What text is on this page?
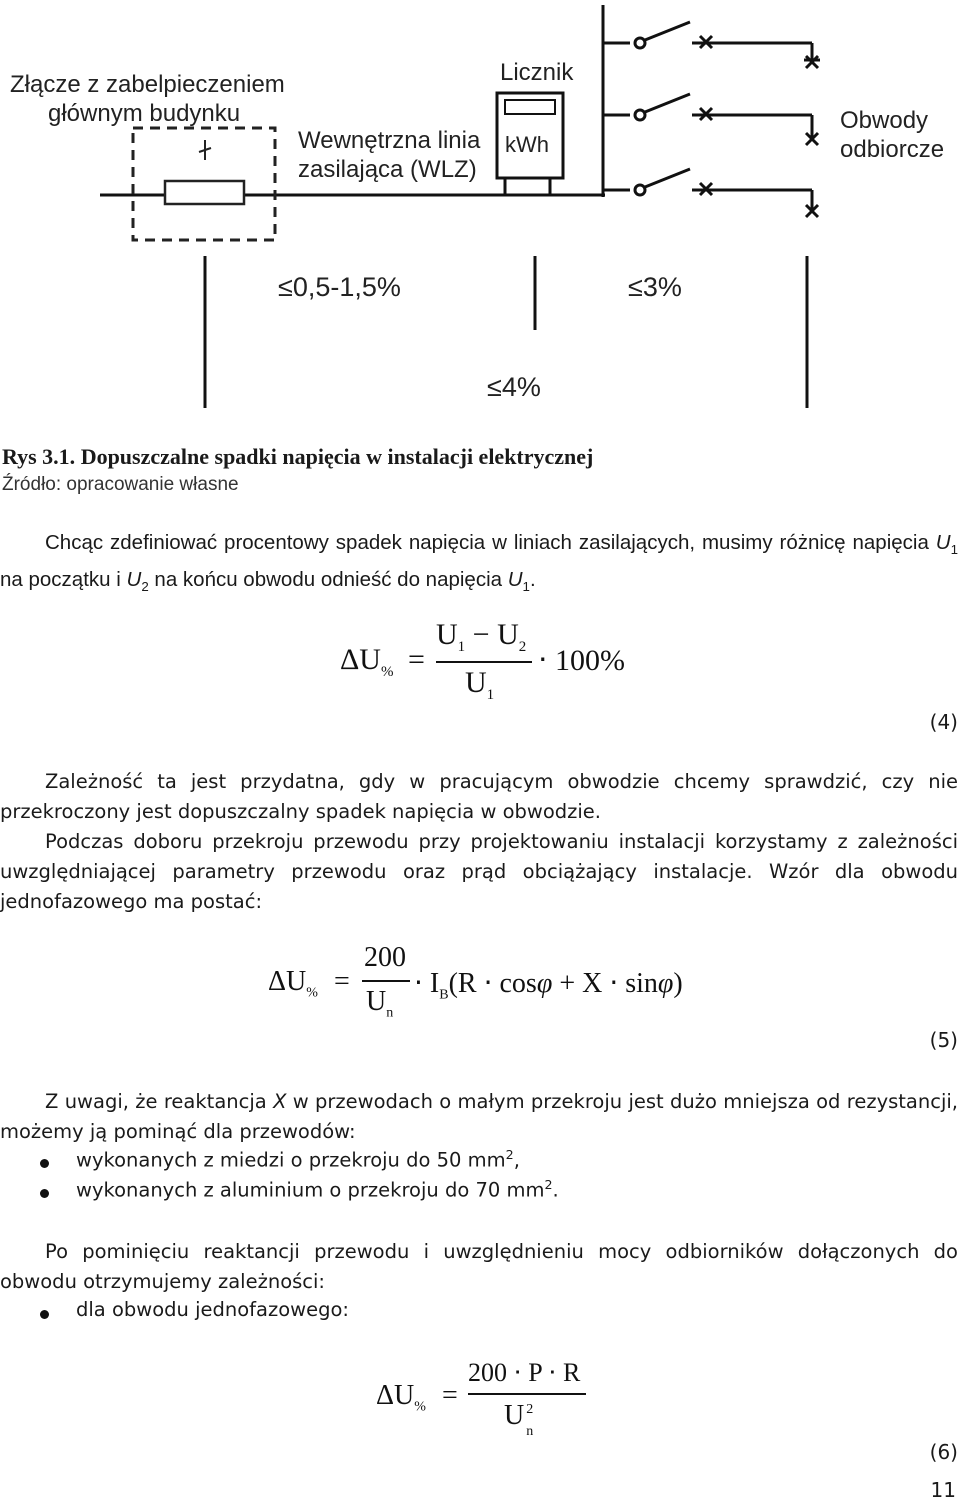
Złącze z zabelpieczeniem
głównym budynku
Licznik
kWh
Wewnętrzna linia
zasilająca (WLZ)
Obwody
odbiorcze
≤0,5-1,5%	≤3%
≤4%
Rys 3.1. Dopuszczalne spadki napięcia w instalacji elektrycznej
Źródło: opracowanie własne
Chcąc zdefiniować procentowy spadek napięcia w liniach zasilających, musimy różnicę napięcia $U_1$ na początku i $U_2$ na końcu obwodu odnieść do napięcia $U_1$.
$\Delta U_{\%}$ =
$U_1 - U_2$
$U_1$
⋅ 100%
(4)
Zależność ta jest przydatna, gdy w pracującym obwodzie chcemy sprawdzić, czy nie przekroczony jest dopuszczalny spadek napięcia w obwodzie.
Podczas doboru przekroju przewodu przy projektowaniu instalacji korzystamy z zależności uwzględniającej parametry przewodu oraz prąd obciążający instalacje. Wzór dla obwodu jednofazowego ma postać:
$\Delta U_{\%}$ =
200
$U_n$
⋅ $I_B(R \cdot \cos\varphi + X \cdot \sin\varphi)$
(5)
Z uwagi, że reaktancja X w przewodach o małym przekroju jest dużo mniejsza od rezystancji, możemy ją pominąć dla przewodów:
wykonanych z miedzi o przekroju do 50 $mm^2$,
wykonanych z aluminium o przekroju do 70 $mm^2$.
Po pominięciu reaktancji przewodu i uwzględnieniu mocy odbiorników dołączonych do obwodu otrzymujemy zależności:
dla obwodu jednofazowego:
$\Delta U_{\%}$ =
200 ⋅ P ⋅ R
U 2
n
(6)
11
